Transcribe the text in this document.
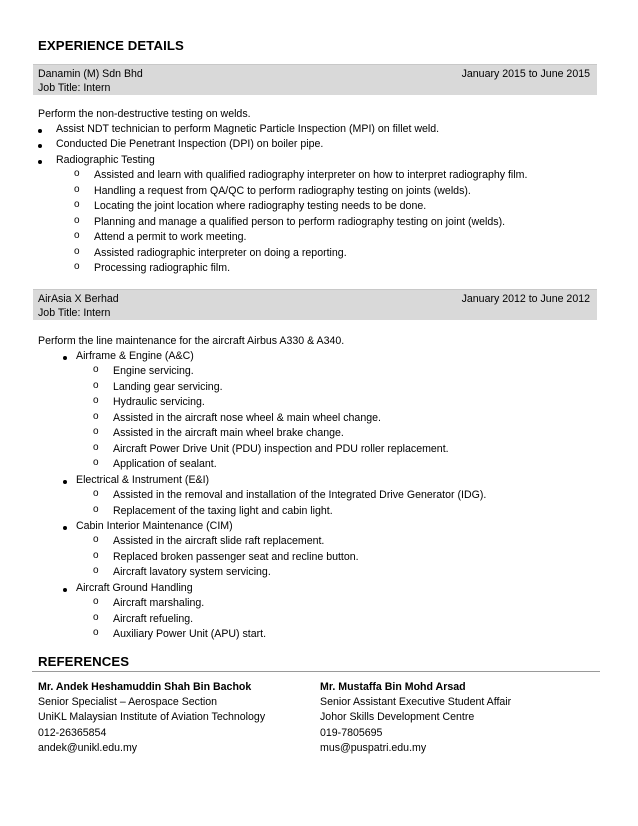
EXPERIENCE DETAILS
Danamin (M) Sdn Bhd	January 2015 to June 2015
Job Title: Intern
Perform the non-destructive testing on welds.
Assist NDT technician to perform Magnetic Particle Inspection (MPI) on fillet weld.
Conducted Die Penetrant Inspection (DPI) on boiler pipe.
Radiographic Testing
o Assisted and learn with qualified radiography interpreter on how to interpret radiography film.
o Handling a request from QA/QC to perform radiography testing on joints (welds).
o Locating the joint location where radiography testing needs to be done.
o Planning and manage a qualified person to perform radiography testing on joint (welds).
o Attend a permit to work meeting.
o Assisted radiographic interpreter on doing a reporting.
o Processing radiographic film.
AirAsia X Berhad	January 2012 to June 2012
Job Title: Intern
Perform the line maintenance for the aircraft Airbus A330 & A340.
Airframe & Engine (A&C)
o Engine servicing.
o Landing gear servicing.
o Hydraulic servicing.
o Assisted in the aircraft nose wheel & main wheel change.
o Assisted in the aircraft main wheel brake change.
o Aircraft Power Drive Unit (PDU) inspection and PDU roller replacement.
o Application of sealant.
Electrical & Instrument (E&I)
o Assisted in the removal and installation of the Integrated Drive Generator (IDG).
o Replacement of the taxing light and cabin light.
Cabin Interior Maintenance (CIM)
o Assisted in the aircraft slide raft replacement.
o Replaced broken passenger seat and recline button.
o Aircraft lavatory system servicing.
Aircraft Ground Handling
o Aircraft marshaling.
o Aircraft refueling.
o Auxiliary Power Unit (APU) start.
REFERENCES
Mr. Andek Heshamuddin Shah Bin Bachok
Senior Specialist – Aerospace Section
UniKL Malaysian Institute of Aviation Technology
012-26365854
andek@unikl.edu.my
Mr. Mustaffa Bin Mohd Arsad
Senior Assistant Executive Student Affair
Johor Skills Development Centre
019-7805695
mus@puspatri.edu.my
